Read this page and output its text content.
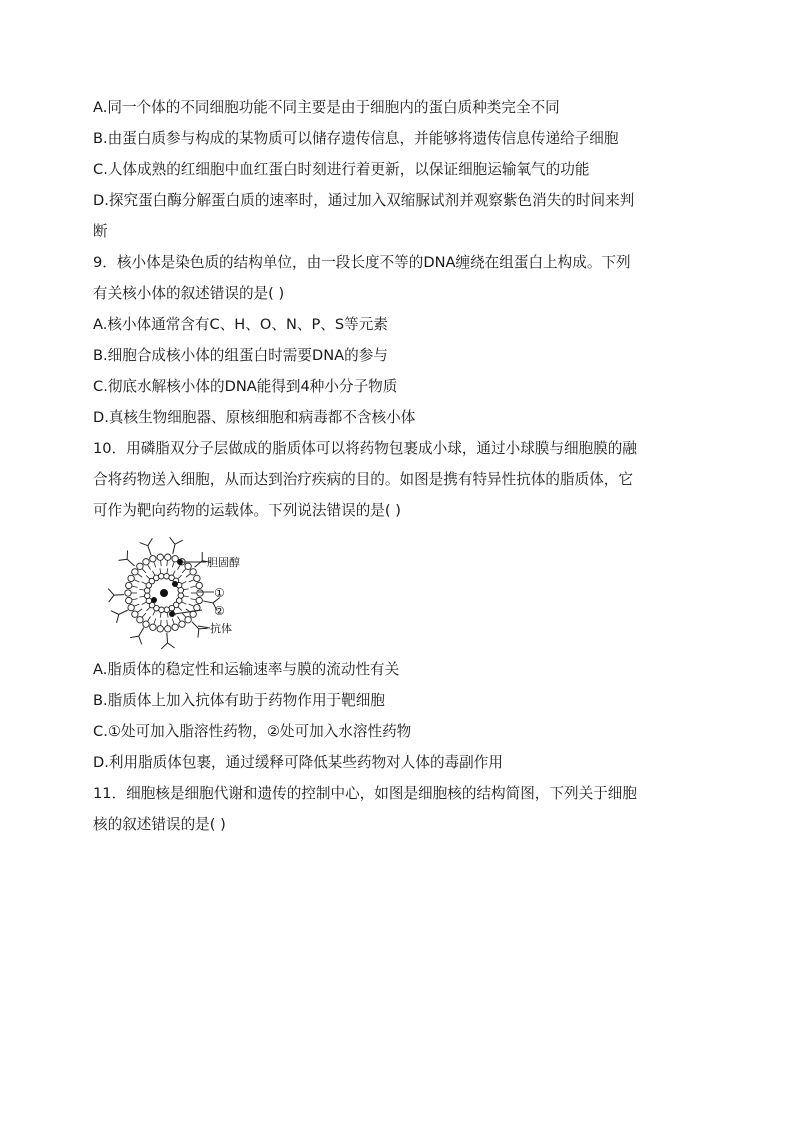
A.同一个体的不同细胞功能不同主要是由于细胞内的蛋白质种类完全不同
B.由蛋白质参与构成的某物质可以储存遗传信息，并能够将遗传信息传递给子细胞
C.人体成熟的红细胞中血红蛋白时刻进行着更新，以保证细胞运输氧气的功能
D.探究蛋白酶分解蛋白质的速率时，通过加入双缩脲试剂并观察紫色消失的时间来判
断
9．核小体是染色质的结构单位，由一段长度不等的DNA缠绕在组蛋白上构成。下列
有关核小体的叙述错误的是( )
A.核小体通常含有C、H、O、N、P、S等元素
B.细胞合成核小体的组蛋白时需要DNA的参与
C.彻底水解核小体的DNA能得到4种小分子物质
D.真核生物细胞器、原核细胞和病毒都不含核小体
10．用磷脂双分子层做成的脂质体可以将药物包裹成小球，通过小球膜与细胞膜的融
合将药物送入细胞，从而达到治疗疾病的目的。如图是携有特异性抗体的脂质体，它
可作为靶向药物的运载体。下列说法错误的是( )
胆固醇
①
②
抗体
A.脂质体的稳定性和运输速率与膜的流动性有关
B.脂质体上加入抗体有助于药物作用于靶细胞
C.①处可加入脂溶性药物，②处可加入水溶性药物
D.利用脂质体包裹，通过缓释可降低某些药物对人体的毒副作用
11．细胞核是细胞代谢和遗传的控制中心，如图是细胞核的结构简图，下列关于细胞
核的叙述错误的是( )
